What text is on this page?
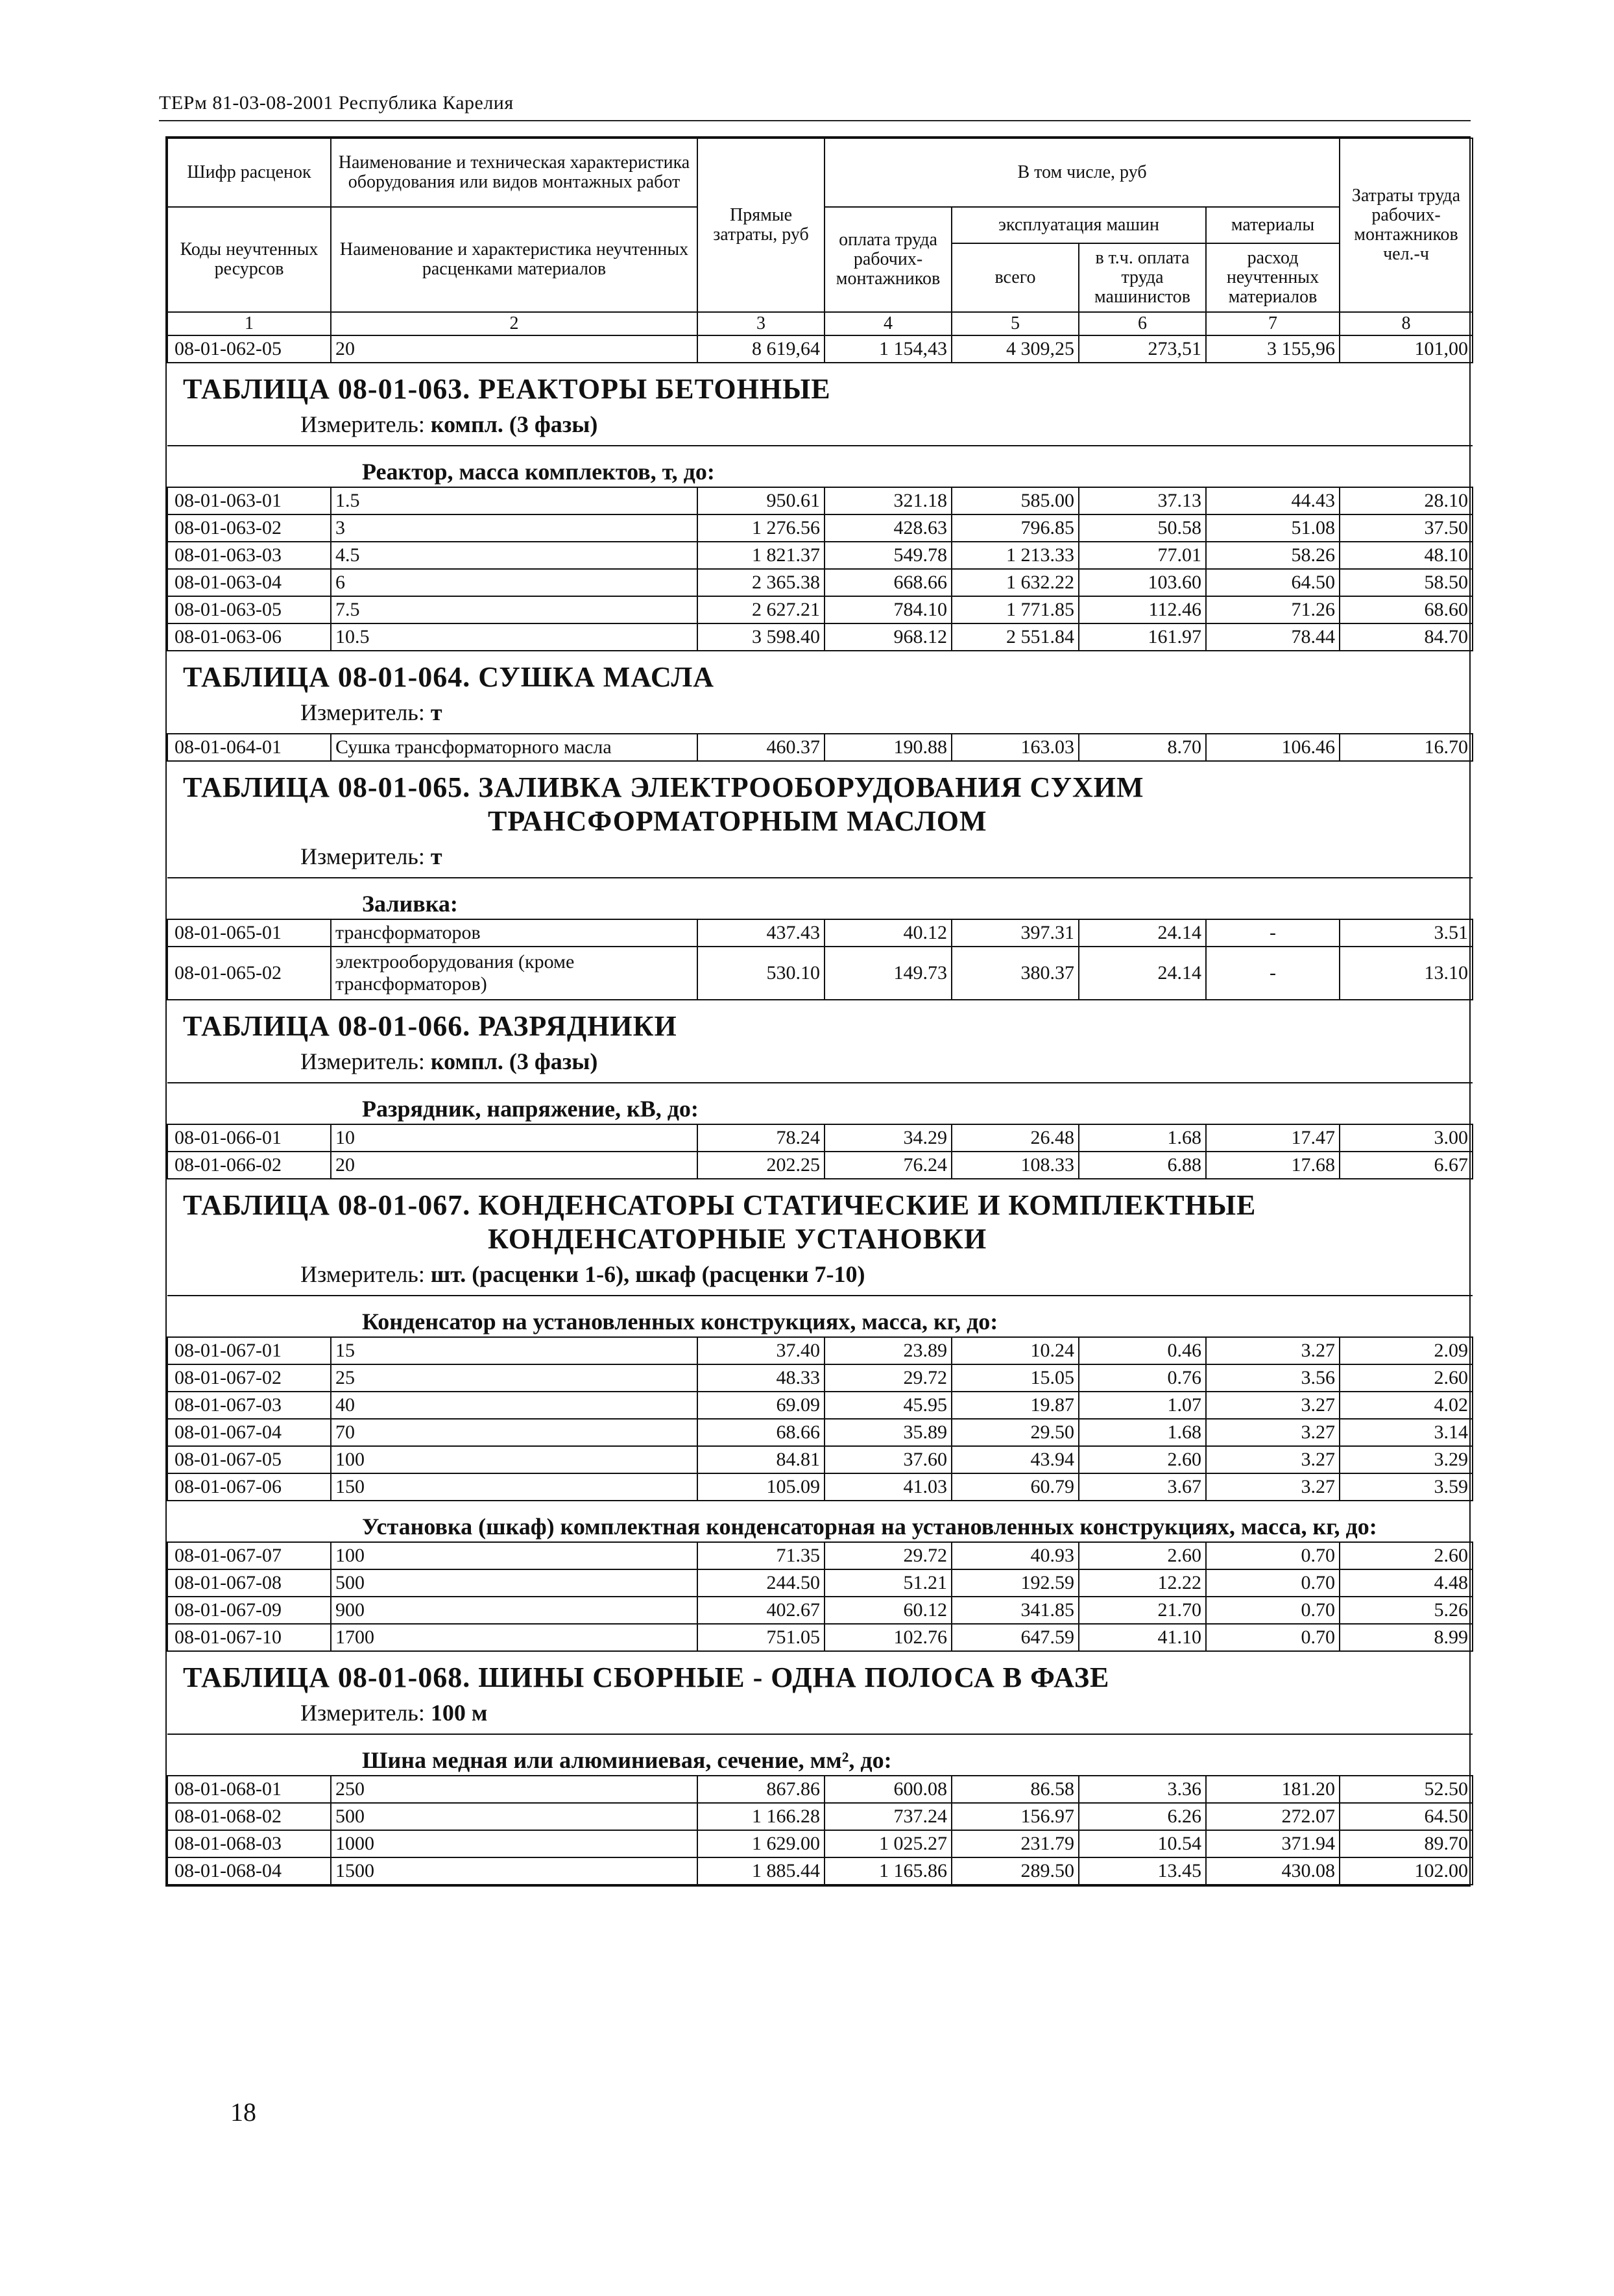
ТЕРм 81-03-08-2001 Республика Карелия
Шифр расценок	Наименование и техническая характеристика оборудования или видов монтажных работ	Прямые затраты, руб	В том числе, руб				Затраты труда рабочих-монтажников чел.-ч
Коды неучтенных ресурсов	Наименование и характеристика неучтенных расценками материалов		оплата труда рабочих-монтажников	эксплуатация машин		материалы	
				всего	в т.ч. оплата труда машинистов	расход неучтенных материалов	
1	2	3	4	5	6	7	8
08-01-062-05	20	8 619,64	1 154,43	4 309,25	273,51	3 155,96	101,00

ТАБЛИЦА 08-01-063. РЕАКТОРЫ БЕТОННЫЕ
Измеритель: компл. (3 фазы)							

Реактор, масса комплектов, т, до:							
08-01-063-01	1.5	950.61	321.18	585.00	37.13	44.43	28.10
08-01-063-02	3	1 276.56	428.63	796.85	50.58	51.08	37.50
08-01-063-03	4.5	1 821.37	549.78	1 213.33	77.01	58.26	48.10
08-01-063-04	6	2 365.38	668.66	1 632.22	103.60	64.50	58.50
08-01-063-05	7.5	2 627.21	784.10	1 771.85	112.46	71.26	68.60
08-01-063-06	10.5	3 598.40	968.12	2 551.84	161.97	78.44	84.70

ТАБЛИЦА 08-01-064. СУШКА МАСЛА
Измеритель: т							

08-01-064-01	Сушка трансформаторного масла	460.37	190.88	163.03	8.70	106.46	16.70

ТАБЛИЦА 08-01-065. ЗАЛИВКА ЭЛЕКТРООБОРУДОВАНИЯ СУХИМ
ТРАНСФОРМАТОРНЫМ МАСЛОМ
Измеритель: т							

Заливка:							
08-01-065-01	трансформаторов	437.43	40.12	397.31	24.14	-	3.51
08-01-065-02	электрооборудования (кроме трансформаторов)	530.10	149.73	380.37	24.14	-	13.10

ТАБЛИЦА 08-01-066. РАЗРЯДНИКИ
Измеритель: компл. (3 фазы)							

Разрядник, напряжение, кВ, до:							
08-01-066-01	10	78.24	34.29	26.48	1.68	17.47	3.00
08-01-066-02	20	202.25	76.24	108.33	6.88	17.68	6.67

ТАБЛИЦА 08-01-067. КОНДЕНСАТОРЫ СТАТИЧЕСКИЕ И КОМПЛЕКТНЫЕ
КОНДЕНСАТОРНЫЕ УСТАНОВКИ
Измеритель: шт. (расценки 1-6), шкаф (расценки 7-10)							

Конденсатор на установленных конструкциях, масса, кг, до:							
08-01-067-01	15	37.40	23.89	10.24	0.46	3.27	2.09
08-01-067-02	25	48.33	29.72	15.05	0.76	3.56	2.60
08-01-067-03	40	69.09	45.95	19.87	1.07	3.27	4.02
08-01-067-04	70	68.66	35.89	29.50	1.68	3.27	3.14
08-01-067-05	100	84.81	37.60	43.94	2.60	3.27	3.29
08-01-067-06	150	105.09	41.03	60.79	3.67	3.27	3.59
Установка (шкаф) комплектная конденсаторная на установленных конструкциях, масса, кг, до:							
08-01-067-07	100	71.35	29.72	40.93	2.60	0.70	2.60
08-01-067-08	500	244.50	51.21	192.59	12.22	0.70	4.48
08-01-067-09	900	402.67	60.12	341.85	21.70	0.70	5.26
08-01-067-10	1700	751.05	102.76	647.59	41.10	0.70	8.99

ТАБЛИЦА 08-01-068. ШИНЫ СБОРНЫЕ - ОДНА ПОЛОСА В ФАЗЕ
Измеритель: 100 м							

Шина медная или алюминиевая, сечение, мм², до:							
08-01-068-01	250	867.86	600.08	86.58	3.36	181.20	52.50
08-01-068-02	500	1 166.28	737.24	156.97	6.26	272.07	64.50
08-01-068-03	1000	1 629.00	1 025.27	231.79	10.54	371.94	89.70
08-01-068-04	1500	1 885.44	1 165.86	289.50	13.45	430.08	102.00
18
